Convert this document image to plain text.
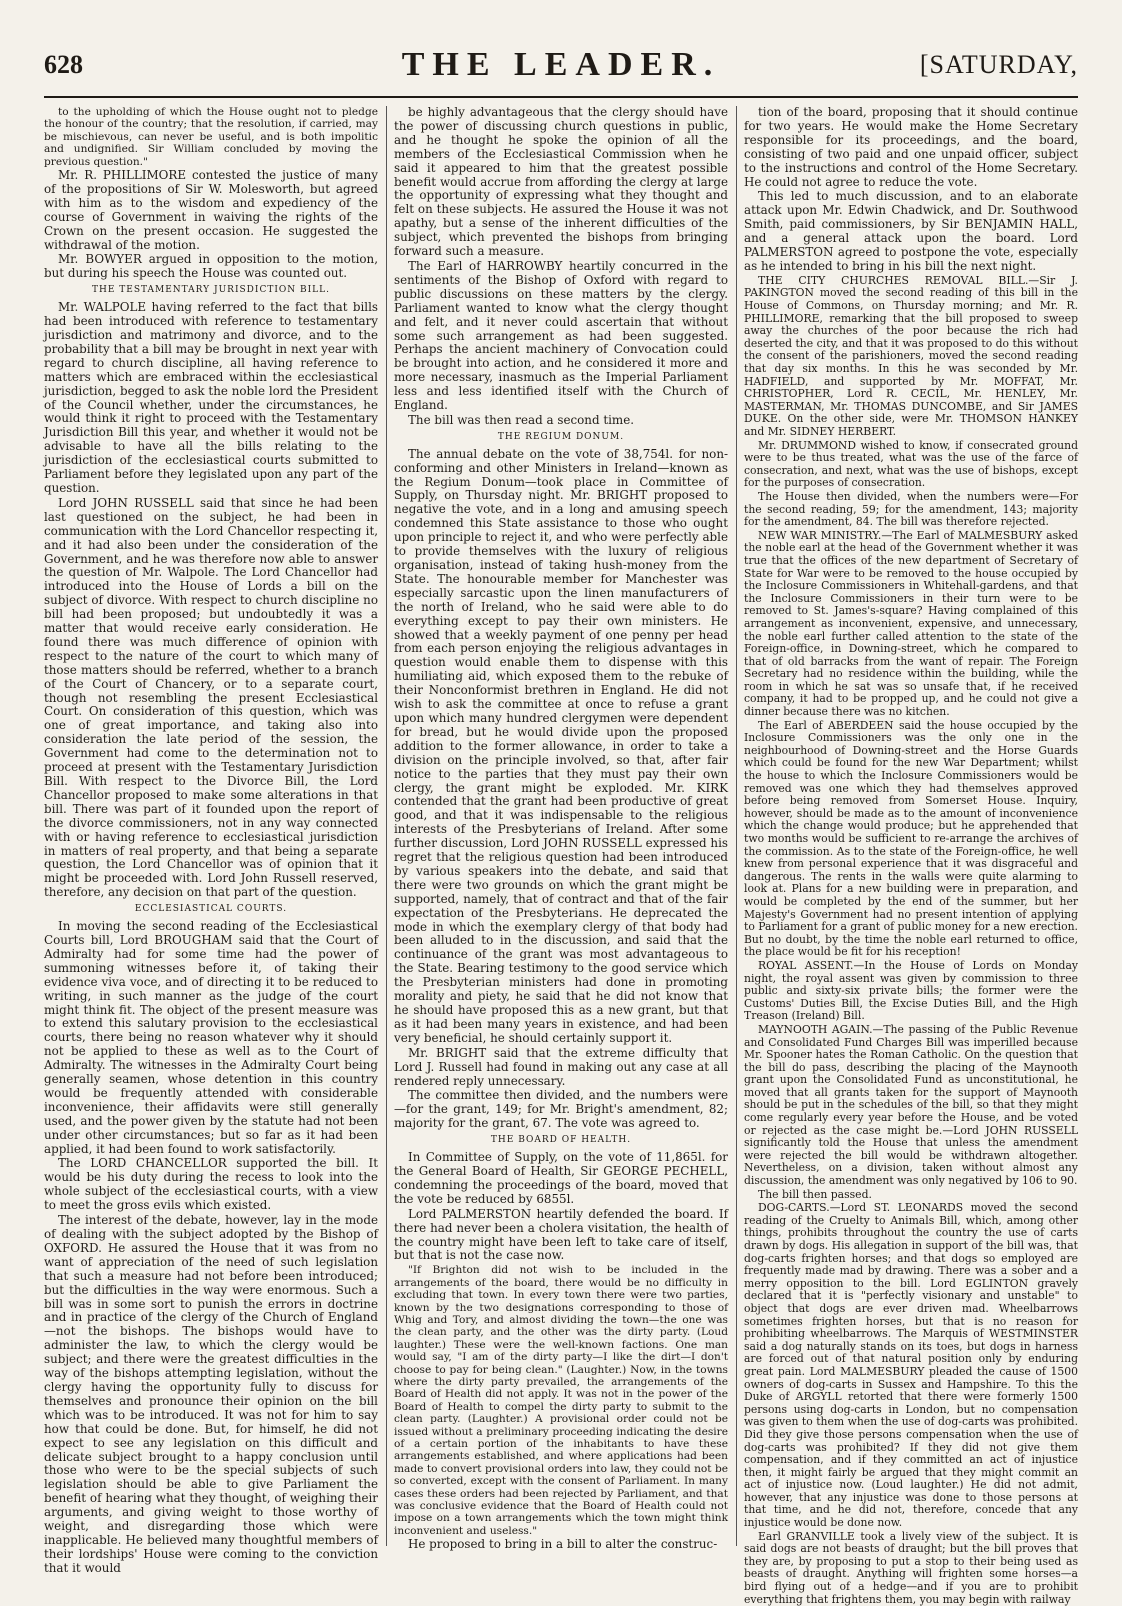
628	THE LEADER.	[SATURDAY,

to the upholding of which the House ought not to pledge the honour of the country; that the resolution, if carried, may be mischievous, can never be useful, and is both impolitic and undignified. Sir William concluded by moving the previous question."

Mr. R. PHILLIMORE contested the justice of many of the propositions of Sir W. Molesworth, but agreed with him as to the wisdom and expediency of the course of Government in waiving the rights of the Crown on the present occasion. He suggested the withdrawal of the motion.

Mr. BOWYER argued in opposition to the motion, but during his speech the House was counted out.

THE TESTAMENTARY JURISDICTION BILL.

Mr. WALPOLE having referred to the fact that bills had been introduced with reference to testamentary jurisdiction and matrimony and divorce, and to the probability that a bill may be brought in next year with regard to church discipline, all having reference to matters which are embraced within the ecclesiastical jurisdiction, begged to ask the noble lord the President of the Council whether, under the circumstances, he would think it right to proceed with the Testamentary Jurisdiction Bill this year, and whether it would not be advisable to have all the bills relating to the jurisdiction of the ecclesiastical courts submitted to Parliament before they legislated upon any part of the question.

Lord JOHN RUSSELL said that since he had been last questioned on the subject, he had been in communication with the Lord Chancellor respecting it, and it had also been under the consideration of the Government, and he was therefore now able to answer the question of Mr. Walpole. The Lord Chancellor had introduced into the House of Lords a bill on the subject of divorce. With respect to church discipline no bill had been proposed; but undoubtedly it was a matter that would receive early consideration. He found there was much difference of opinion with respect to the nature of the court to which many of those matters should be referred, whether to a branch of the Court of Chancery, or to a separate court, though not resembling the present Ecclesiastical Court. On consideration of this question, which was one of great importance, and taking also into consideration the late period of the session, the Government had come to the determination not to proceed at present with the Testamentary Jurisdiction Bill. With respect to the Divorce Bill, the Lord Chancellor proposed to make some alterations in that bill. There was part of it founded upon the report of the divorce commissioners, not in any way connected with or having reference to ecclesiastical jurisdiction in matters of real property, and that being a separate question, the Lord Chancellor was of opinion that it might be proceeded with. Lord John Russell reserved, therefore, any decision on that part of the question.

ECCLESIASTICAL COURTS.

In moving the second reading of the Ecclesiastical Courts bill, Lord BROUGHAM said that the Court of Admiralty had for some time had the power of summoning witnesses before it, of taking their evidence viva voce, and of directing it to be reduced to writing, in such manner as the judge of the court might think fit. The object of the present measure was to extend this salutary provision to the ecclesiastical courts, there being no reason whatever why it should not be applied to these as well as to the Court of Admiralty. The witnesses in the Admiralty Court being generally seamen, whose detention in this country would be frequently attended with considerable inconvenience, their affidavits were still generally used, and the power given by the statute had not been under other circumstances; but so far as it had been applied, it had been found to work satisfactorily.

The LORD CHANCELLOR supported the bill. It would be his duty during the recess to look into the whole subject of the ecclesiastical courts, with a view to meet the gross evils which existed.

The interest of the debate, however, lay in the mode of dealing with the subject adopted by the Bishop of OXFORD. He assured the House that it was from no want of appreciation of the need of such legislation that such a measure had not before been introduced; but the difficulties in the way were enormous. Such a bill was in some sort to punish the errors in doctrine and in practice of the clergy of the Church of England—not the bishops. The bishops would have to administer the law, to which the clergy would be subject; and there were the greatest difficulties in the way of the bishops attempting legislation, without the clergy having the opportunity fully to discuss for themselves and pronounce their opinion on the bill which was to be introduced. It was not for him to say how that could be done. But, for himself, he did not expect to see any legislation on this difficult and delicate subject brought to a happy conclusion until those who were to be the special subjects of such legislation should be able to give Parliament the benefit of hearing what they thought, of weighing their arguments, and giving weight to those worthy of weight, and disregarding those which were inapplicable. He believed many thoughtful members of their lordships' House were coming to the conviction that it would

be highly advantageous that the clergy should have the power of discussing church questions in public, and he thought he spoke the opinion of all the members of the Ecclesiastical Commission when he said it appeared to him that the greatest possible benefit would accrue from affording the clergy at large the opportunity of expressing what they thought and felt on these subjects. He assured the House it was not apathy, but a sense of the inherent difficulties of the subject, which prevented the bishops from bringing forward such a measure.

The Earl of HARROWBY heartily concurred in the sentiments of the Bishop of Oxford with regard to public discussions on these matters by the clergy. Parliament wanted to know what the clergy thought and felt, and it never could ascertain that without some such arrangement as had been suggested. Perhaps the ancient machinery of Convocation could be brought into action, and he considered it more and more necessary, inasmuch as the Imperial Parliament less and less identified itself with the Church of England.

The bill was then read a second time.

THE REGIUM DONUM.

The annual debate on the vote of 38,754l. for non-conforming and other Ministers in Ireland—known as the Regium Donum—took place in Committee of Supply, on Thursday night. Mr. BRIGHT proposed to negative the vote, and in a long and amusing speech condemned this State assistance to those who ought upon principle to reject it, and who were perfectly able to provide themselves with the luxury of religious organisation, instead of taking hush-money from the State. The honourable member for Manchester was especially sarcastic upon the linen manufacturers of the north of Ireland, who he said were able to do everything except to pay their own ministers. He showed that a weekly payment of one penny per head from each person enjoying the religious advantages in question would enable them to dispense with this humiliating aid, which exposed them to the rebuke of their Nonconformist brethren in England. He did not wish to ask the committee at once to refuse a grant upon which many hundred clergymen were dependent for bread, but he would divide upon the proposed addition to the former allowance, in order to take a division on the principle involved, so that, after fair notice to the parties that they must pay their own clergy, the grant might be exploded. Mr. KIRK contended that the grant had been productive of great good, and that it was indispensable to the religious interests of the Presbyterians of Ireland. After some further discussion, Lord JOHN RUSSELL expressed his regret that the religious question had been introduced by various speakers into the debate, and said that there were two grounds on which the grant might be supported, namely, that of contract and that of the fair expectation of the Presbyterians. He deprecated the mode in which the exemplary clergy of that body had been alluded to in the discussion, and said that the continuance of the grant was most advantageous to the State. Bearing testimony to the good service which the Presbyterian ministers had done in promoting morality and piety, he said that he did not know that he should have proposed this as a new grant, but that as it had been many years in existence, and had been very beneficial, he should certainly support it.

Mr. BRIGHT said that the extreme difficulty that Lord J. Russell had found in making out any case at all rendered reply unnecessary.

The committee then divided, and the numbers were—for the grant, 149; for Mr. Bright's amendment, 82; majority for the grant, 67. The vote was agreed to.

THE BOARD OF HEALTH.

In Committee of Supply, on the vote of 11,865l. for the General Board of Health, Sir GEORGE PECHELL, condemning the proceedings of the board, moved that the vote be reduced by 6855l.

Lord PALMERSTON heartily defended the board. If there had never been a cholera visitation, the health of the country might have been left to take care of itself, but that is not the case now.

"If Brighton did not wish to be included in the arrangements of the board, there would be no difficulty in excluding that town. In every town there were two parties, known by the two designations corresponding to those of Whig and Tory, and almost dividing the town—the one was the clean party, and the other was the dirty party. (Loud laughter.) These were the well-known factions. One man would say, "I am of the dirty party—I like the dirt—I don't choose to pay for being clean." (Laughter.) Now, in the towns where the dirty party prevailed, the arrangements of the Board of Health did not apply. It was not in the power of the Board of Health to compel the dirty party to submit to the clean party. (Laughter.) A provisional order could not be issued without a preliminary proceeding indicating the desire of a certain portion of the inhabitants to have these arrangements established, and where applications had been made to convert provisional orders into law, they could not be so converted, except with the consent of Parliament. In many cases these orders had been rejected by Parliament, and that was conclusive evidence that the Board of Health could not impose on a town arrangements which the town might think inconvenient and useless."

He proposed to bring in a bill to alter the construc-

tion of the board, proposing that it should continue for two years. He would make the Home Secretary responsible for its proceedings, and the board, consisting of two paid and one unpaid officer, subject to the instructions and control of the Home Secretary. He could not agree to reduce the vote.

This led to much discussion, and to an elaborate attack upon Mr. Edwin Chadwick, and Dr. Southwood Smith, paid commissioners, by Sir BENJAMIN HALL, and a general attack upon the board. Lord PALMERSTON agreed to postpone the vote, especially as he intended to bring in his bill the next night.

THE CITY CHURCHES REMOVAL BILL.—Sir J. PAKINGTON moved the second reading of this bill in the House of Commons, on Thursday morning; and Mr. R. PHILLIMORE, remarking that the bill proposed to sweep away the churches of the poor because the rich had deserted the city, and that it was proposed to do this without the consent of the parishioners, moved the second reading that day six months. In this he was seconded by Mr. HADFIELD, and supported by Mr. MOFFAT, Mr. CHRISTOPHER, Lord R. CECIL, Mr. HENLEY, Mr. MASTERMAN, Mr. THOMAS DUNCOMBE, and Sir JAMES DUKE. On the other side, were Mr. THOMSON HANKEY and Mr. SIDNEY HERBERT.

Mr. DRUMMOND wished to know, if consecrated ground were to be thus treated, what was the use of the farce of consecration, and next, what was the use of bishops, except for the purposes of consecration.

The House then divided, when the numbers were—For the second reading, 59; for the amendment, 143; majority for the amendment, 84. The bill was therefore rejected.

NEW WAR MINISTRY.—The Earl of MALMESBURY asked the noble earl at the head of the Government whether it was true that the offices of the new department of Secretary of State for War were to be removed to the house occupied by the Inclosure Commissioners in Whitehall-gardens, and that the Inclosure Commissioners in their turn were to be removed to St. James's-square? Having complained of this arrangement as inconvenient, expensive, and unnecessary, the noble earl further called attention to the state of the Foreign-office, in Downing-street, which he compared to that of old barracks from the want of repair. The Foreign Secretary had no residence within the building, while the room in which he sat was so unsafe that, if he received company, it had to be propped up, and he could not give a dinner because there was no kitchen.

The Earl of ABERDEEN said the house occupied by the Inclosure Commissioners was the only one in the neighbourhood of Downing-street and the Horse Guards which could be found for the new War Department; whilst the house to which the Inclosure Commissioners would be removed was one which they had themselves approved before being removed from Somerset House. Inquiry, however, should be made as to the amount of inconvenience which the change would produce; but he apprehended that two months would be sufficient to re-arrange the archives of the commission. As to the state of the Foreign-office, he well knew from personal experience that it was disgraceful and dangerous. The rents in the walls were quite alarming to look at. Plans for a new building were in preparation, and would be completed by the end of the summer, but her Majesty's Government had no present intention of applying to Parliament for a grant of public money for a new erection. But no doubt, by the time the noble earl returned to office, the place would be fit for his reception!

ROYAL ASSENT.—In the House of Lords on Monday night, the royal assent was given by commission to three public and sixty-six private bills; the former were the Customs' Duties Bill, the Excise Duties Bill, and the High Treason (Ireland) Bill.

MAYNOOTH AGAIN.—The passing of the Public Revenue and Consolidated Fund Charges Bill was imperilled because Mr. Spooner hates the Roman Catholic. On the question that the bill do pass, describing the placing of the Maynooth grant upon the Consolidated Fund as unconstitutional, he moved that all grants taken for the support of Maynooth should be put in the schedules of the bill, so that they might come regularly every year before the House, and be voted or rejected as the case might be.—Lord JOHN RUSSELL significantly told the House that unless the amendment were rejected the bill would be withdrawn altogether. Nevertheless, on a division, taken without almost any discussion, the amendment was only negatived by 106 to 90.

The bill then passed.

DOG-CARTS.—Lord ST. LEONARDS moved the second reading of the Cruelty to Animals Bill, which, among other things, prohibits throughout the country the use of carts drawn by dogs. His allegation in support of the bill was, that dog-carts frighten horses; and that dogs so employed are frequently made mad by drawing. There was a sober and a merry opposition to the bill. Lord EGLINTON gravely declared that it is "perfectly visionary and unstable" to object that dogs are ever driven mad. Wheelbarrows sometimes frighten horses, but that is no reason for prohibiting wheelbarrows. The Marquis of WESTMINSTER said a dog naturally stands on its toes, but dogs in harness are forced out of that natural position only by enduring great pain. Lord MALMESBURY pleaded the cause of 1500 owners of dog-carts in Sussex and Hampshire. To this the Duke of ARGYLL retorted that there were formerly 1500 persons using dog-carts in London, but no compensation was given to them when the use of dog-carts was prohibited. Did they give those persons compensation when the use of dog-carts was prohibited? If they did not give them compensation, and if they committed an act of injustice then, it might fairly be argued that they might commit an act of injustice now. (Loud laughter.) He did not admit, however, that any injustice was done to those persons at that time, and he did not, therefore, concede that any injustice would be done now.

Earl GRANVILLE took a lively view of the subject. It is said dogs are not beasts of draught; but the bill proves that they are, by proposing to put a stop to their being used as beasts of draught. Anything will frighten some horses—a bird flying out of a hedge—and if you are to prohibit everything that frightens them, you may begin with railway
